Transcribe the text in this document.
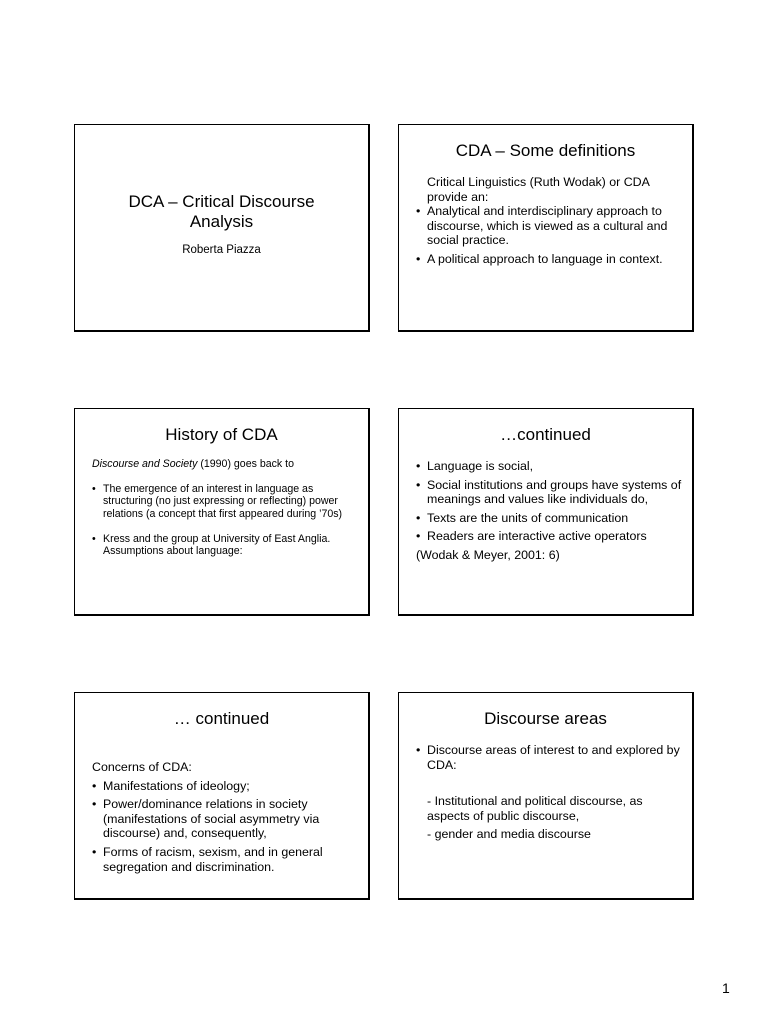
DCA – Critical Discourse
Analysis
Roberta Piazza
CDA – Some definitions
Critical Linguistics (Ruth Wodak) or CDA provide an:
• Analytical and interdisciplinary approach to discourse, which is viewed as a cultural and social practice.
• A political approach to language in context.
History of CDA
Discourse and Society (1990) goes back to
• The emergence of an interest in language as structuring (no just expressing or reflecting) power relations (a concept that first appeared during ’70s)
• Kress and the group at University of East Anglia. Assumptions about language:
…continued
• Language is social,
• Social institutions and groups have systems of meanings and values like individuals do,
• Texts are the units of communication
• Readers are interactive active operators
(Wodak & Meyer, 2001: 6)
… continued
Concerns of CDA:
• Manifestations of ideology;
• Power/dominance relations in society (manifestations of social asymmetry via discourse) and, consequently,
• Forms of racism, sexism, and in general segregation and discrimination.
Discourse areas
• Discourse areas of interest to and explored by CDA:
- Institutional and political discourse, as aspects of public discourse,
- gender and media discourse
1
